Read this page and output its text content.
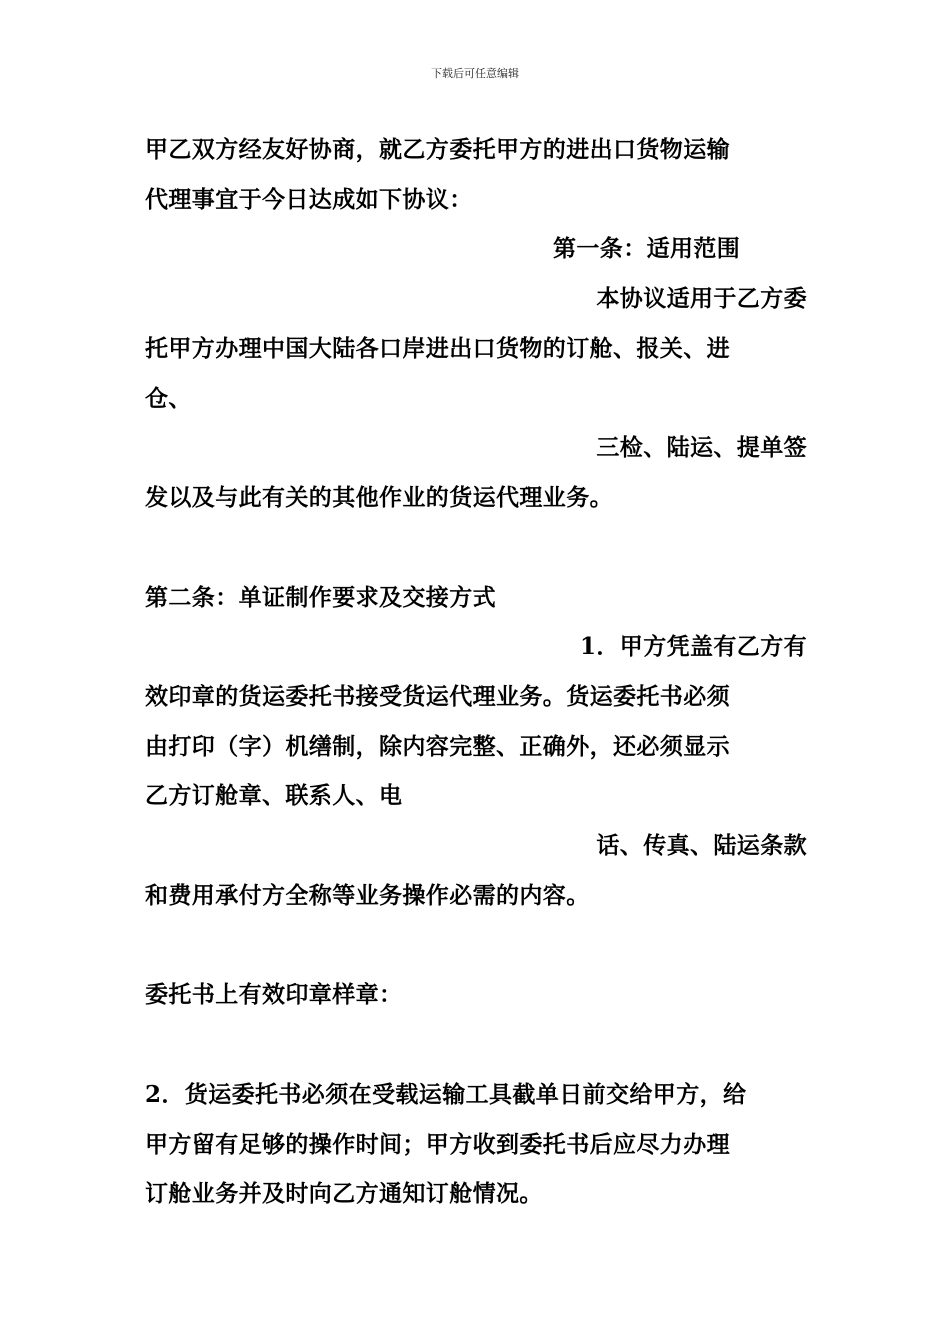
下载后可任意编辑
甲乙双方经友好协商，就乙方委托甲方的进出口货物运输
代理事宜于今日达成如下协议：
第一条：适用范围
本协议适用于乙方委
托甲方办理中国大陆各口岸进出口货物的订舱、报关、进
仓、
三检、陆运、提单签
发以及与此有关的其他作业的货运代理业务。
第二条：单证制作要求及交接方式
1．甲方凭盖有乙方有
效印章的货运委托书接受货运代理业务。货运委托书必须
由打印（字）机缮制，除内容完整、正确外，还必须显示
乙方订舱章、联系人、电
话、传真、陆运条款
和费用承付方全称等业务操作必需的内容。
委托书上有效印章样章：
2．货运委托书必须在受载运输工具截单日前交给甲方，给
甲方留有足够的操作时间；甲方收到委托书后应尽力办理
订舱业务并及时向乙方通知订舱情况。
